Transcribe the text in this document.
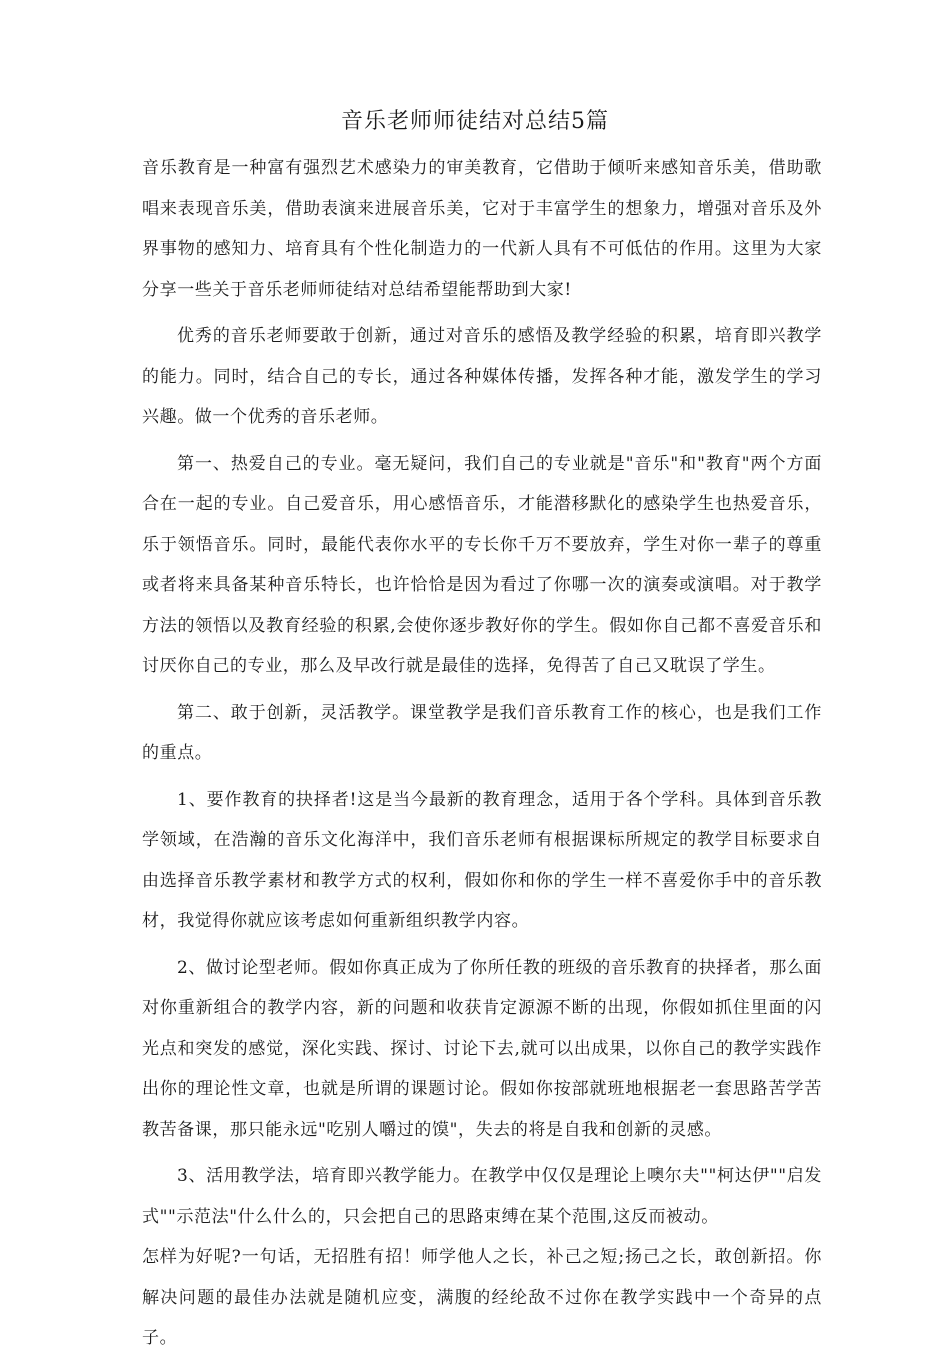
音乐老师师徒结对总结5篇

音乐教育是一种富有强烈艺术感染力的审美教育，它借助于倾听来感知音乐美，借助歌唱来表现音乐美，借助表演来进展音乐美，它对于丰富学生的想象力，增强对音乐及外界事物的感知力、培育具有个性化制造力的一代新人具有不可低估的作用。这里为大家分享一些关于音乐老师师徒结对总结希望能帮助到大家!

优秀的音乐老师要敢于创新，通过对音乐的感悟及教学经验的积累，培育即兴教学的能力。同时，结合自己的专长，通过各种媒体传播，发挥各种才能，激发学生的学习兴趣。做一个优秀的音乐老师。

第一、热爱自己的专业。毫无疑问，我们自己的专业就是"音乐"和"教育"两个方面合在一起的专业。自己爱音乐，用心感悟音乐，才能潜移默化的感染学生也热爱音乐，乐于领悟音乐。同时，最能代表你水平的专长你千万不要放弃，学生对你一辈子的尊重或者将来具备某种音乐特长，也许恰恰是因为看过了你哪一次的演奏或演唱。对于教学方法的领悟以及教育经验的积累,会使你逐步教好你的学生。假如你自己都不喜爱音乐和讨厌你自己的专业，那么及早改行就是最佳的选择，免得苦了自己又耽误了学生。

第二、敢于创新，灵活教学。课堂教学是我们音乐教育工作的核心，也是我们工作的重点。

1、要作教育的抉择者!这是当今最新的教育理念，适用于各个学科。具体到音乐教学领域，在浩瀚的音乐文化海洋中，我们音乐老师有根据课标所规定的教学目标要求自由选择音乐教学素材和教学方式的权利，假如你和你的学生一样不喜爱你手中的音乐教材，我觉得你就应该考虑如何重新组织教学内容。

2、做讨论型老师。假如你真正成为了你所任教的班级的音乐教育的抉择者，那么面对你重新组合的教学内容，新的问题和收获肯定源源不断的出现，你假如抓住里面的闪光点和突发的感觉，深化实践、探讨、讨论下去,就可以出成果，以你自己的教学实践作出你的理论性文章，也就是所谓的课题讨论。假如你按部就班地根据老一套思路苦学苦教苦备课，那只能永远"吃别人嚼过的馍"，失去的将是自我和创新的灵感。

3、活用教学法，培育即兴教学能力。在教学中仅仅是理论上噢尔夫""柯达伊""启发式""示范法"什么什么的，只会把自己的思路束缚在某个范围,这反而被动。

怎样为好呢?一句话，无招胜有招！师学他人之长，补己之短;扬己之长，敢创新招。你解决问题的最佳办法就是随机应变，满腹的经纶敌不过你在教学实践中一个奇异的点子。
